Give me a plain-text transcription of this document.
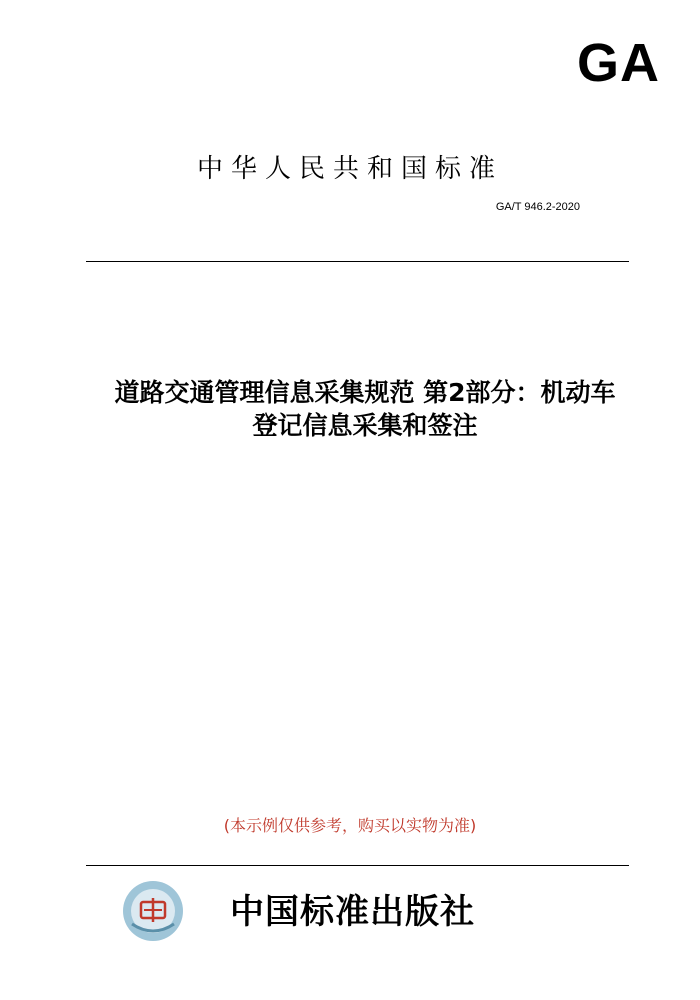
GA
中华人民共和国标准
GA/T 946.2-2020
道路交通管理信息采集规范 第2部分：机动车
登记信息采集和签注
(本示例仅供参考，购买以实物为准)
中国标准出版社
